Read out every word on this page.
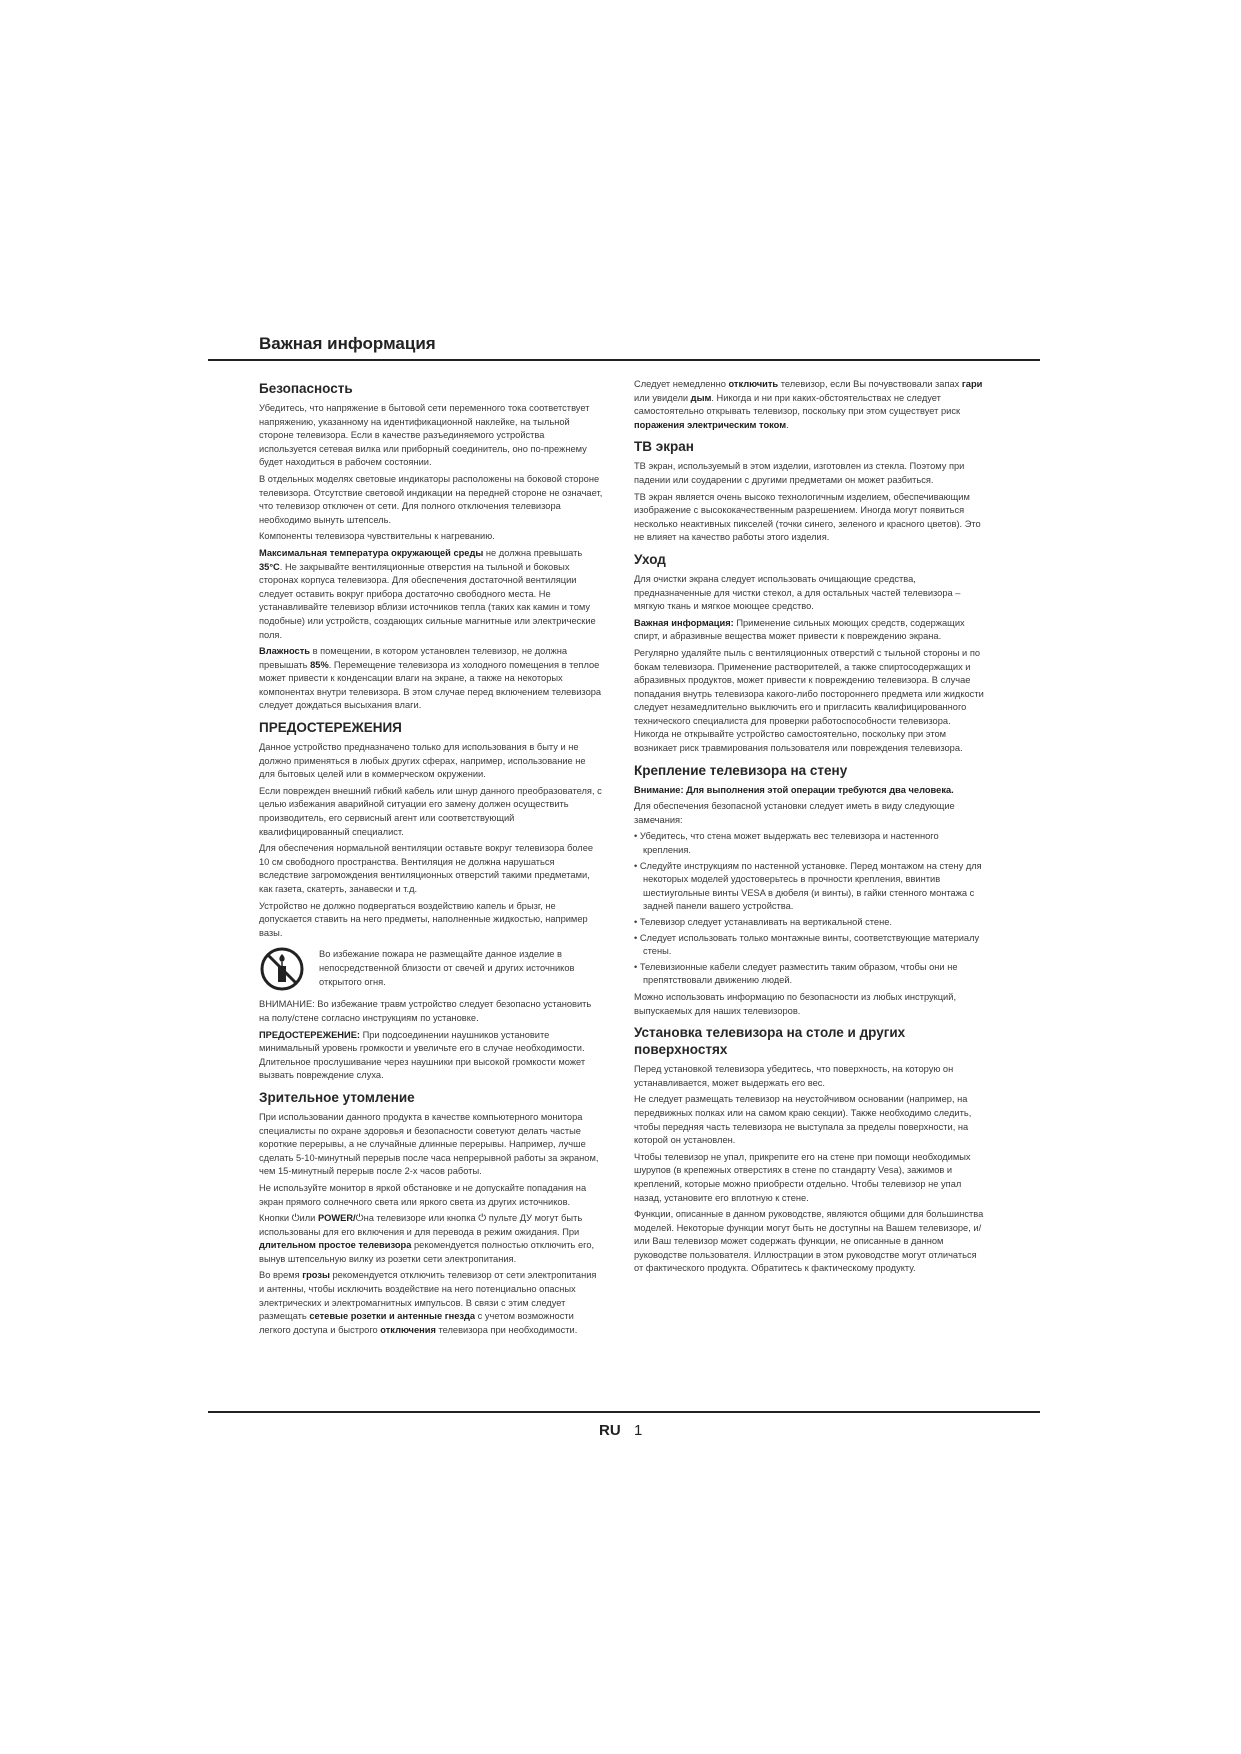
Важная информация
Безопасность

Убедитесь, что напряжение в бытовой сети переменного тока соответствует напряжению, указанному на идентификационной наклейке, на тыльной стороне телевизора. Если в качестве разъединяемого устройства используется сетевая вилка или приборный соединитель, оно по-прежнему будет находиться в рабочем состоянии.

В отдельных моделях световые индикаторы расположены на боковой стороне телевизора. Отсутствие световой индикации на передней стороне не означает, что телевизор отключен от сети. Для полного отключения телевизора необходимо вынуть штепсель.

Компоненты телевизора чувствительны к нагреванию.

Максимальная температура окружающей среды не должна превышать 35°C. Не закрывайте вентиляционные отверстия на тыльной и боковых сторонах корпуса телевизора. Для обеспечения достаточной вентиляции следует оставить вокруг прибора достаточно свободного места. Не устанавливайте телевизор вблизи источников тепла (таких как камин и тому подобные) или устройств, создающих сильные магнитные или электрические поля.

Влажность в помещении, в котором установлен телевизор, не должна превышать 85%. Перемещение телевизора из холодного помещения в теплое может привести к конденсации влаги на экране, а также на некоторых компонентах внутри телевизора. В этом случае перед включением телевизора следует дождаться высыхания влаги.

ПРЕДОСТЕРЕЖЕНИЯ

Данное устройство предназначено только для использования в быту и не должно применяться в любых других сферах, например, использование не для бытовых целей или в коммерческом окружении.

Если поврежден внешний гибкий кабель или шнур данного преобразователя, с целью избежания аварийной ситуации его замену должен осуществить производитель, его сервисный агент или соответствующий квалифицированный специалист.

Для обеспечения нормальной вентиляции оставьте вокруг телевизора более 10 см свободного пространства. Вентиляция не должна нарушаться вследствие загромождения вентиляционных отверстий такими предметами, как газета, скатерть, занавески и т.д.

Устройство не должно подвергаться воздействию капель и брызг, не допускается ставить на него предметы, наполненные жидкостью, например вазы.

Во избежание пожара не размещайте данное изделие в непосредственной близости от свечей и других источников открытого огня.

ВНИМАНИЕ: Во избежание травм устройство следует безопасно установить на полу/стене согласно инструкциям по установке.

ПРЕДОСТЕРЕЖЕНИЕ: При подсоединении наушников установите минимальный уровень громкости и увеличьте его в случае необходимости. Длительное прослушивание через наушники при высокой громкости может вызвать повреждение слуха.

Зрительное утомление

При использовании данного продукта в качестве компьютерного монитора специалисты по охране здоровья и безопасности советуют делать частые короткие перерывы, а не случайные длинные перерывы. Например, лучше сделать 5-10-минутный перерыв после часа непрерывной работы за экраном, чем 15-минутный перерыв после 2-х часов работы.

Не используйте монитор в яркой обстановке и не допускайте попадания на экран прямого солнечного света или яркого света из других источников.

Кнопки ⏻или POWER/⏻на телевизоре или кнопка ⏻ пульте ДУ могут быть использованы для его включения и для перевода в режим ожидания. При длительном простое телевизора рекомендуется полностью отключить его, вынув штепсельную вилку из розетки сети электропитания.

Во время грозы рекомендуется отключить телевизор от сети электропитания и антенны, чтобы исключить воздействие на него потенциально опасных электрических и электромагнитных импульсов. В связи с этим следует размещать сетевые розетки и антенные гнезда с учетом возможности легкого доступа и быстрого отключения телевизора при необходимости.

Следует немедленно отключить телевизор, если Вы почувствовали запах гари или увидели дым. Никогда и ни при каких-обстоятельствах не следует самостоятельно открывать телевизор, поскольку при этом существует риск поражения электрическим током.

ТВ экран

ТВ экран, используемый в этом изделии, изготовлен из стекла. Поэтому при падении или соударении с другими предметами он может разбиться.

ТВ экран является очень высоко технологичным изделием, обеспечивающим изображение с высококачественным разрешением. Иногда могут появиться несколько неактивных пикселей (точки синего, зеленого и красного цветов). Это не влияет на качество работы этого изделия.

Уход

Для очистки экрана следует использовать очищающие средства, предназначенные для чистки стекол, а для остальных частей телевизора – мягкую ткань и мягкое моющее средство.

Важная информация: Применение сильных моющих средств, содержащих спирт, и абразивные вещества может привести к повреждению экрана.

Регулярно удаляйте пыль с вентиляционных отверстий с тыльной стороны и по бокам телевизора. Применение растворителей, а также спиртосодержащих и абразивных продуктов, может привести к повреждению телевизора. В случае попадания внутрь телевизора какого-либо постороннего предмета или жидкости следует незамедлительно выключить его и пригласить квалифицированного технического специалиста для проверки работоспособности телевизора. Никогда не открывайте устройство самостоятельно, поскольку при этом возникает риск травмирования пользователя или повреждения телевизора.

Крепление телевизора на стену

Внимание: Для выполнения этой операции требуются два человека.

Для обеспечения безопасной установки следует иметь в виду следующие замечания:

• Убедитесь, что стена может выдержать вес телевизора и настенного крепления.
• Следуйте инструкциям по настенной установке. Перед монтажом на стену для некоторых моделей удостоверьтесь в прочности крепления, ввинтив шестиугольные винты VESA в дюбеля (и винты), в гайки стенного монтажа с задней панели вашего устройства.
• Телевизор следует устанавливать на вертикальной стене.
• Следует использовать только монтажные винты, соответствующие материалу стены.
• Телевизионные кабели следует разместить таким образом, чтобы они не препятствовали движению людей.

Можно использовать информацию по безопасности из любых инструкций, выпускаемых для наших телевизоров.

Установка телевизора на столе и других поверхностях

Перед установкой телевизора убедитесь, что поверхность, на которую он устанавливается, может выдержать его вес.

Не следует размещать телевизор на неустойчивом основании (например, на передвижных полках или на самом краю секции). Также необходимо следить, чтобы передняя часть телевизора не выступала за пределы поверхности, на которой он установлен.

Чтобы телевизор не упал, прикрепите его на стене при помощи необходимых шурупов (в крепежных отверстиях в стене по стандарту Vesa), зажимов и креплений, которые можно приобрести отдельно. Чтобы телевизор не упал назад, установите его вплотную к стене.

Функции, описанные в данном руководстве, являются общими для большинства моделей. Некоторые функции могут быть не доступны на Вашем телевизоре, и/или Ваш телевизор может содержать функции, не описанные в данном руководстве пользователя. Иллюстрации в этом руководстве могут отличаться от фактического продукта. Обратитесь к фактическому продукту.

RU 1
